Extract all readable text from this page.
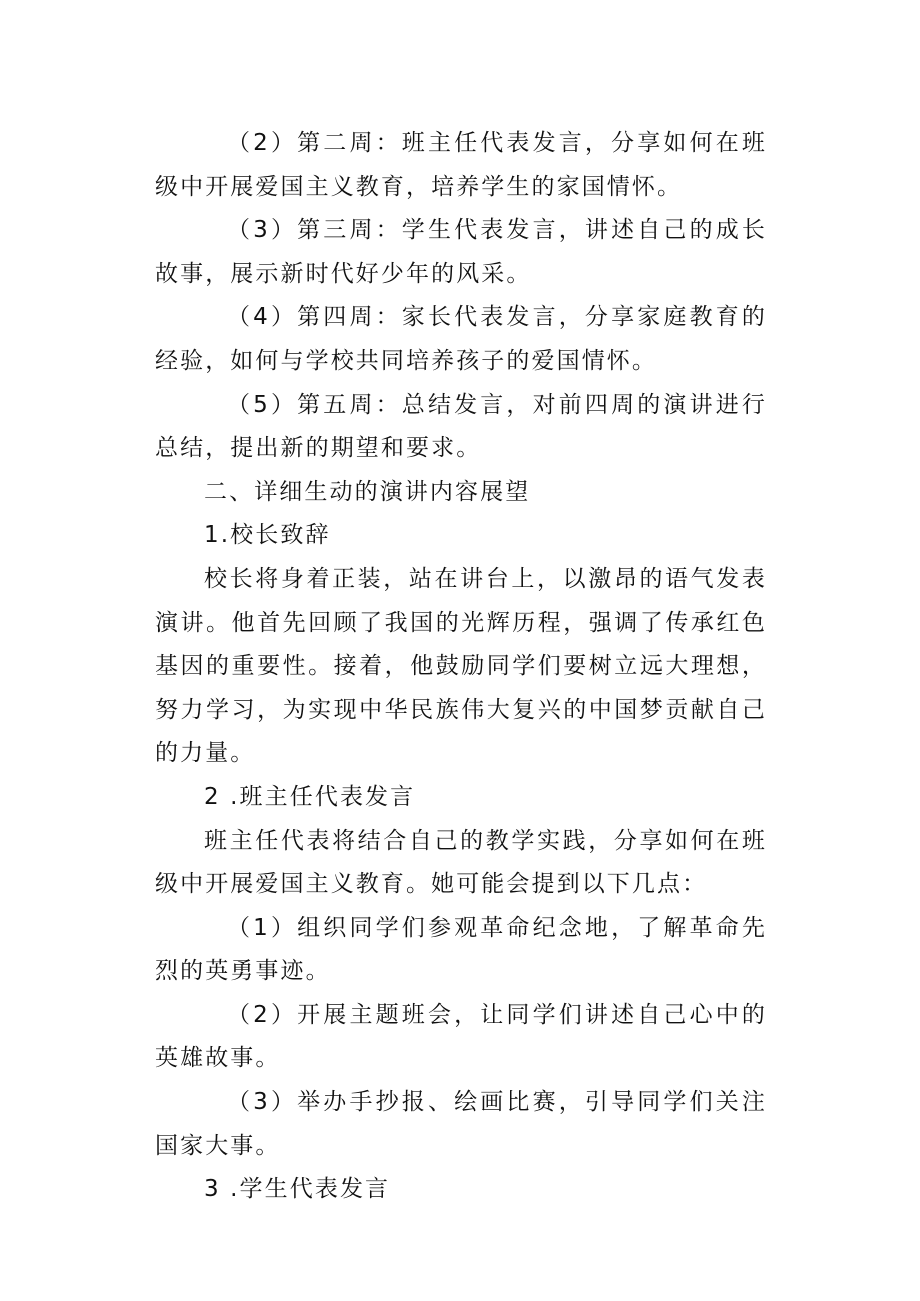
（2）第二周：班主任代表发言，分享如何在班级中开展爱国主义教育，培养学生的家国情怀。

（3）第三周：学生代表发言，讲述自己的成长故事，展示新时代好少年的风采。

（4）第四周：家长代表发言，分享家庭教育的经验，如何与学校共同培养孩子的爱国情怀。

（5）第五周：总结发言，对前四周的演讲进行总结，提出新的期望和要求。

二、详细生动的演讲内容展望

1.校长致辞

校长将身着正装，站在讲台上，以激昂的语气发表演讲。他首先回顾了我国的光辉历程，强调了传承红色基因的重要性。接着，他鼓励同学们要树立远大理想，努力学习，为实现中华民族伟大复兴的中国梦贡献自己的力量。

2 .班主任代表发言

班主任代表将结合自己的教学实践，分享如何在班级中开展爱国主义教育。她可能会提到以下几点：

（1）组织同学们参观革命纪念地，了解革命先烈的英勇事迹。

（2）开展主题班会，让同学们讲述自己心中的英雄故事。

（3）举办手抄报、绘画比赛，引导同学们关注国家大事。

3 .学生代表发言
